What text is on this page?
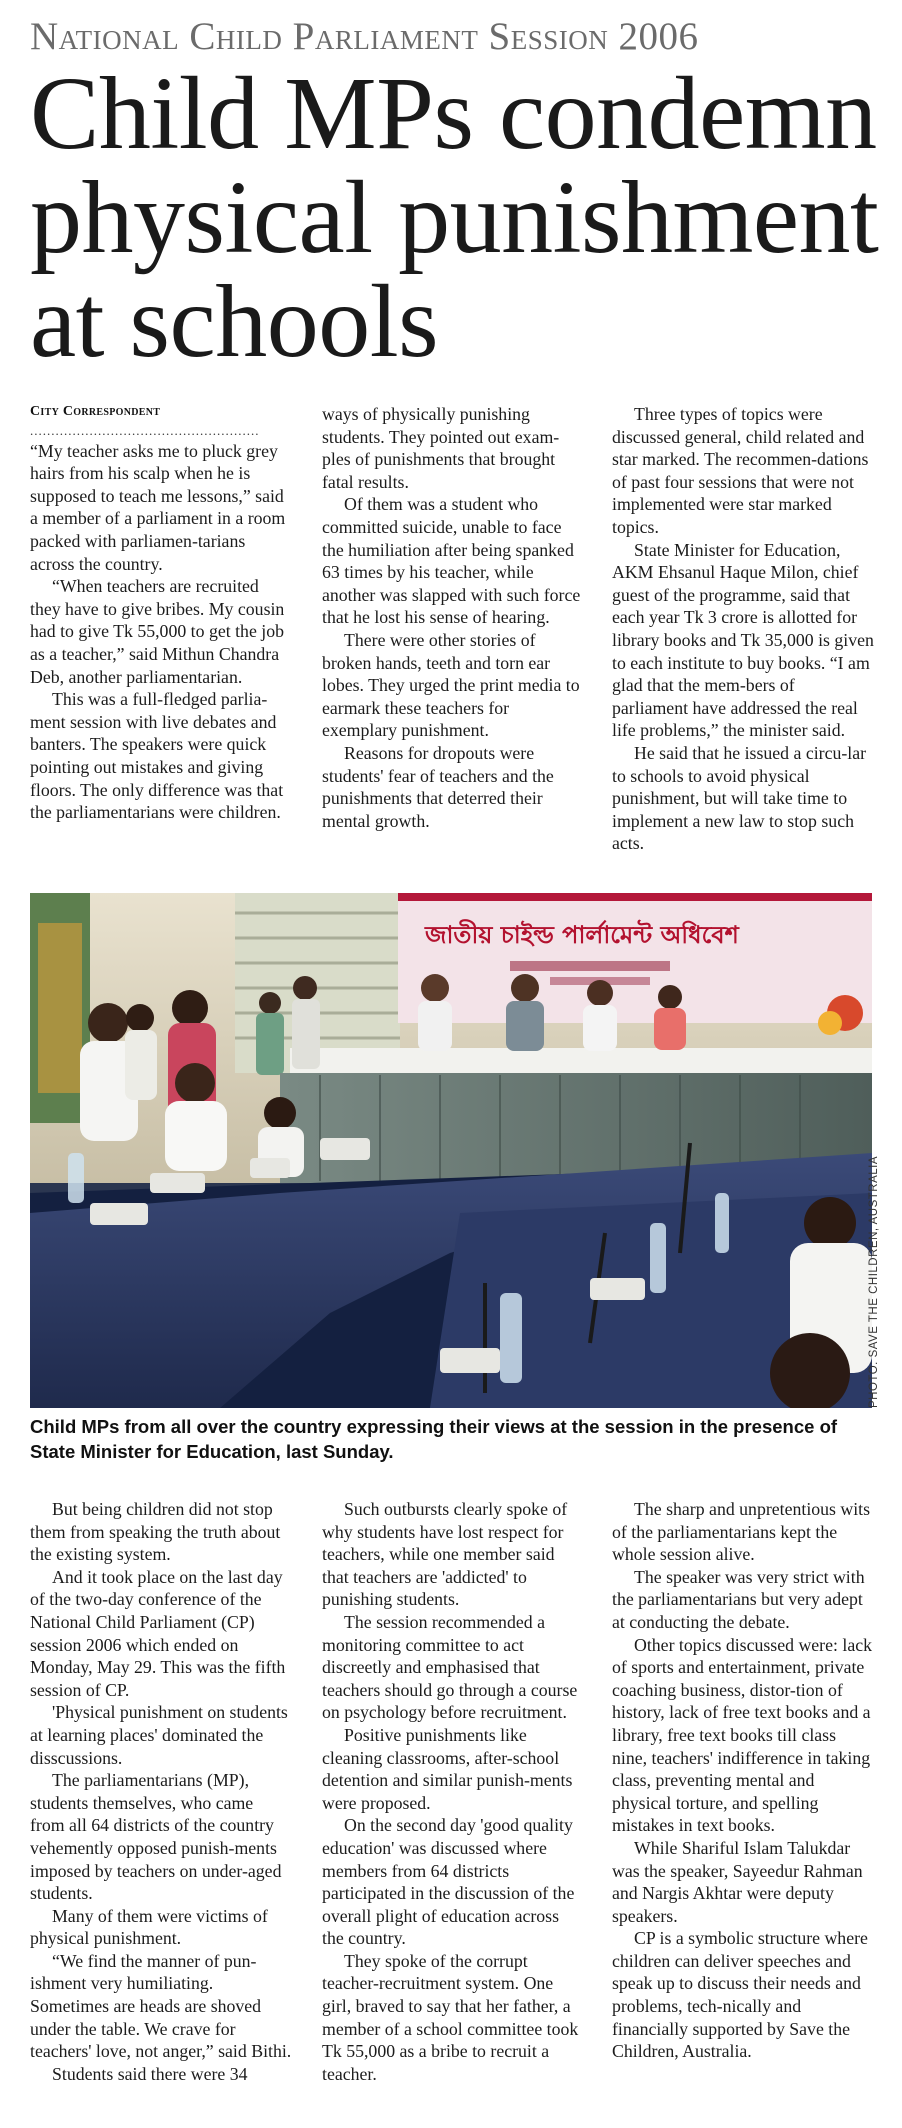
National Child Parliament Session 2006
Child MPs condemn
physical punishment
at schools
City Correspondent
......................................................

“My teacher asks me to pluck grey hairs from his scalp when he is supposed to teach me lessons,” said a member of a parliament in a room packed with parliamen-tarians across the country.

“When teachers are recruited they have to give bribes. My cousin had to give Tk 55,000 to get the job as a teacher,” said Mithun Chandra Deb, another parliamentarian.

This was a full-fledged parlia-ment session with live debates and banters. The speakers were quick pointing out mistakes and giving floors. The only difference was that the parliamentarians were children.

ways of physically punishing students. They pointed out exam-ples of punishments that brought fatal results.

Of them was a student who committed suicide, unable to face the humiliation after being spanked 63 times by his teacher, while another was slapped with such force that he lost his sense of hearing.

There were other stories of broken hands, teeth and torn ear lobes. They urged the print media to earmark these teachers for exemplary punishment.

Reasons for dropouts were students' fear of teachers and the punishments that deterred their mental growth.

Three types of topics were discussed general, child related and star marked. The recommen-dations of past four sessions that were not implemented were star marked topics.

State Minister for Education, AKM Ehsanul Haque Milon, chief guest of the programme, said that each year Tk 3 crore is allotted for library books and Tk 35,000 is given to each institute to buy books. “I am glad that the mem-bers of parliament have addressed the real life problems,” the minister said.

He said that he issued a circu-lar to schools to avoid physical punishment, but will take time to implement a new law to stop such acts.

জাতীয় চাইল্ড পার্লামেন্ট অধিবেশ
PHOTO: SAVE THE CHILDREN, AUSTRALIA
Child MPs from all over the country expressing their views at the session in the presence of State Minister for Education, last Sunday.

But being children did not stop them from speaking the truth about the existing system.

And it took place on the last day of the two-day conference of the National Child Parliament (CP) session 2006 which ended on Monday, May 29. This was the fifth session of CP.

'Physical punishment on students at learning places' dominated the disscussions.

The parliamentarians (MP), students themselves, who came from all 64 districts of the country vehemently opposed punish-ments imposed by teachers on under-aged students.

Many of them were victims of physical punishment.

“We find the manner of pun-ishment very humiliating. Sometimes are heads are shoved under the table. We crave for teachers' love, not anger,” said Bithi.

Students said there were 34

Such outbursts clearly spoke of why students have lost respect for teachers, while one member said that teachers are 'addicted' to punishing students.

The session recommended a monitoring committee to act discreetly and emphasised that teachers should go through a course on psychology before recruitment.

Positive punishments like cleaning classrooms, after-school detention and similar punish-ments were proposed.

On the second day 'good quality education' was discussed where members from 64 districts participated in the discussion of the overall plight of education across the country.

They spoke of the corrupt teacher-recruitment system. One girl, braved to say that her father, a member of a school committee took Tk 55,000 as a bribe to recruit a teacher.

The sharp and unpretentious wits of the parliamentarians kept the whole session alive.

The speaker was very strict with the parliamentarians but very adept at conducting the debate.

Other topics discussed were: lack of sports and entertainment, private coaching business, distor-tion of history, lack of free text books and a library, free text books till class nine, teachers' indifference in taking class, preventing mental and physical torture, and spelling mistakes in text books.

While Shariful Islam Talukdar was the speaker, Sayeedur Rahman and Nargis Akhtar were deputy speakers.

CP is a symbolic structure where children can deliver speeches and speak up to discuss their needs and problems, tech-nically and financially supported by Save the Children, Australia.
